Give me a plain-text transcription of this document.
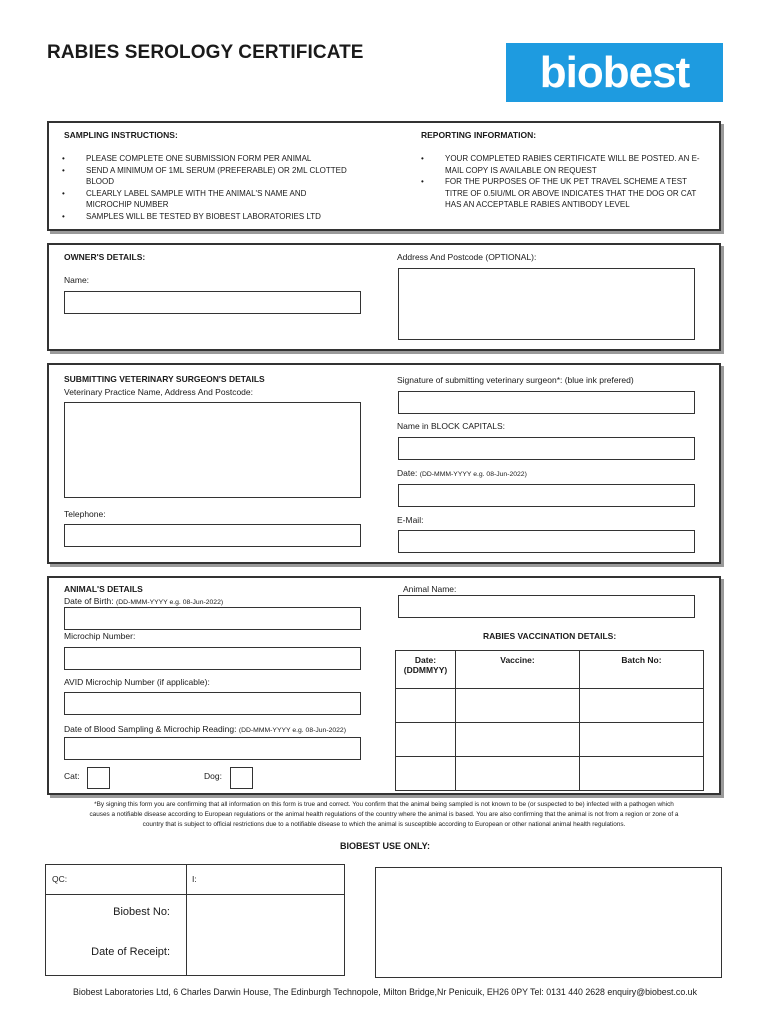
RABIES SEROLOGY CERTIFICATE	biobest
SAMPLING INSTRUCTIONS:
• PLEASE COMPLETE ONE SUBMISSION FORM PER ANIMAL
• SEND A MINIMUM OF 1ML SERUM (PREFERABLE) OR 2ML CLOTTED BLOOD
• CLEARLY LABEL SAMPLE WITH THE ANIMAL'S NAME AND MICROCHIP NUMBER
• SAMPLES WILL BE TESTED BY BIOBEST LABORATORIES LTD
REPORTING INFORMATION:
• YOUR COMPLETED RABIES CERTIFICATE WILL BE POSTED. AN E-MAIL COPY IS AVAILABLE ON REQUEST
• FOR THE PURPOSES OF THE UK PET TRAVEL SCHEME A TEST TITRE OF 0.5IU/ML OR ABOVE INDICATES THAT THE DOG OR CAT HAS AN ACCEPTABLE RABIES ANTIBODY LEVEL
OWNER'S DETAILS:
Name:
Address And Postcode (OPTIONAL):
SUBMITTING VETERINARY SURGEON'S DETAILS
Veterinary Practice Name, Address And Postcode:
Telephone:
Signature of submitting veterinary surgeon*: (blue ink prefered)
Name in BLOCK CAPITALS:
Date: (DD-MMM-YYYY e.g. 08-Jun-2022)
E-Mail:
ANIMAL'S DETAILS
Date of Birth: (DD-MMM-YYYY e.g. 08-Jun-2022)
Microchip Number:
AVID Microchip Number (if applicable):
Date of Blood Sampling & Microchip Reading: (DD-MMM-YYYY e.g. 08-Jun-2022)
Cat:	Dog:
Animal Name:
RABIES VACCINATION DETAILS:
Date:
(DDMMYY)	Vaccine:	Batch No:

*By signing this form you are confirming that all information on this form is true and correct. You confirm that the animal being sampled is not known to be (or suspected to be) infected with a pathogen which
causes a notifiable disease according to European regulations or the animal health regulations of the country where the animal is based. You are also confirming that the animal is not from a region or zone of a
country that is subject to official restrictions due to a notifiable disease to which the animal is susceptible according to European or other national animal health regulations.
BIOBEST USE ONLY:
QC:	I:
Biobest No:
Date of Receipt:
Biobest Laboratories Ltd, 6 Charles Darwin House, The Edinburgh Technopole, Milton Bridge,Nr Penicuik, EH26 0PY Tel: 0131 440 2628 enquiry@biobest.co.uk
